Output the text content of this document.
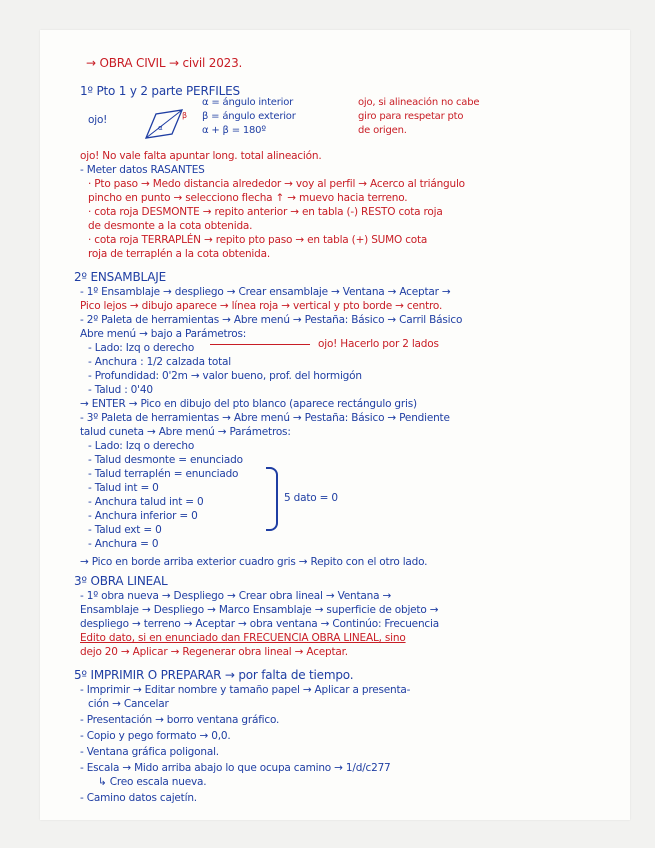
→ OBRA CIVIL → civil 2023.
1º Pto 1 y 2 parte PERFILES
ojo!	β
α
α = ángulo interior
β = ángulo exterior
α + β = 180º
ojo, si alineación no cabe
giro para respetar pto
de origen.
ojo! No vale falta apuntar long. total alineación.
- Meter datos RASANTES
· Pto paso → Medo distancia alrededor → voy al perfil → Acerco al triángulo
pincho en punto → selecciono flecha ↑ → muevo hacia terreno.
· cota roja DESMONTE → repito anterior → en tabla (-) RESTO cota roja
de desmonte a la cota obtenida.
· cota roja TERRAPLÉN → repito pto paso → en tabla (+) SUMO cota
roja de terraplén a la cota obtenida.
2º ENSAMBLAJE
- 1º Ensamblaje → despliego → Crear ensamblaje → Ventana → Aceptar →
Pico lejos → dibujo aparece → línea roja → vertical y pto borde → centro.
- 2º Paleta de herramientas → Abre menú → Pestaña: Básico → Carril Básico
Abre menú → bajo a Parámetros:
- Lado: Izq o derecho	ojo! Hacerlo por 2 lados
- Anchura : 1/2 calzada total
- Profundidad: 0'2m → valor bueno, prof. del hormigón
- Talud : 0'40
→ ENTER → Pico en dibujo del pto blanco (aparece rectángulo gris)
- 3º Paleta de herramientas → Abre menú → Pestaña: Básico → Pendiente
talud cuneta → Abre menú → Parámetros:
- Lado: Izq o derecho
- Talud desmonte = enunciado
- Talud terraplén = enunciado
- Talud int = 0
- Anchura talud int = 0
- Anchura inferior = 0
- Talud ext = 0
- Anchura = 0
5 dato = 0
→ Pico en borde arriba exterior cuadro gris → Repito con el otro lado.
3º OBRA LINEAL
- 1º obra nueva → Despliego → Crear obra lineal → Ventana →
Ensamblaje → Despliego → Marco Ensamblaje → superficie de objeto →
despliego → terreno → Aceptar → obra ventana → Continúo: Frecuencia
Edito dato, si en enunciado dan FRECUENCIA OBRA LINEAL, sino
dejo 20 → Aplicar → Regenerar obra lineal → Aceptar.
5º IMPRIMIR O PREPARAR → por falta de tiempo.
- Imprimir → Editar nombre y tamaño papel → Aplicar a presenta-
ción → Cancelar
- Presentación → borro ventana gráfico.
- Copio y pego formato → 0,0.
- Ventana gráfica poligonal.
- Escala → Mido arriba abajo lo que ocupa camino → 1/d/c277
↳ Creo escala nueva.
- Camino datos cajetín.
